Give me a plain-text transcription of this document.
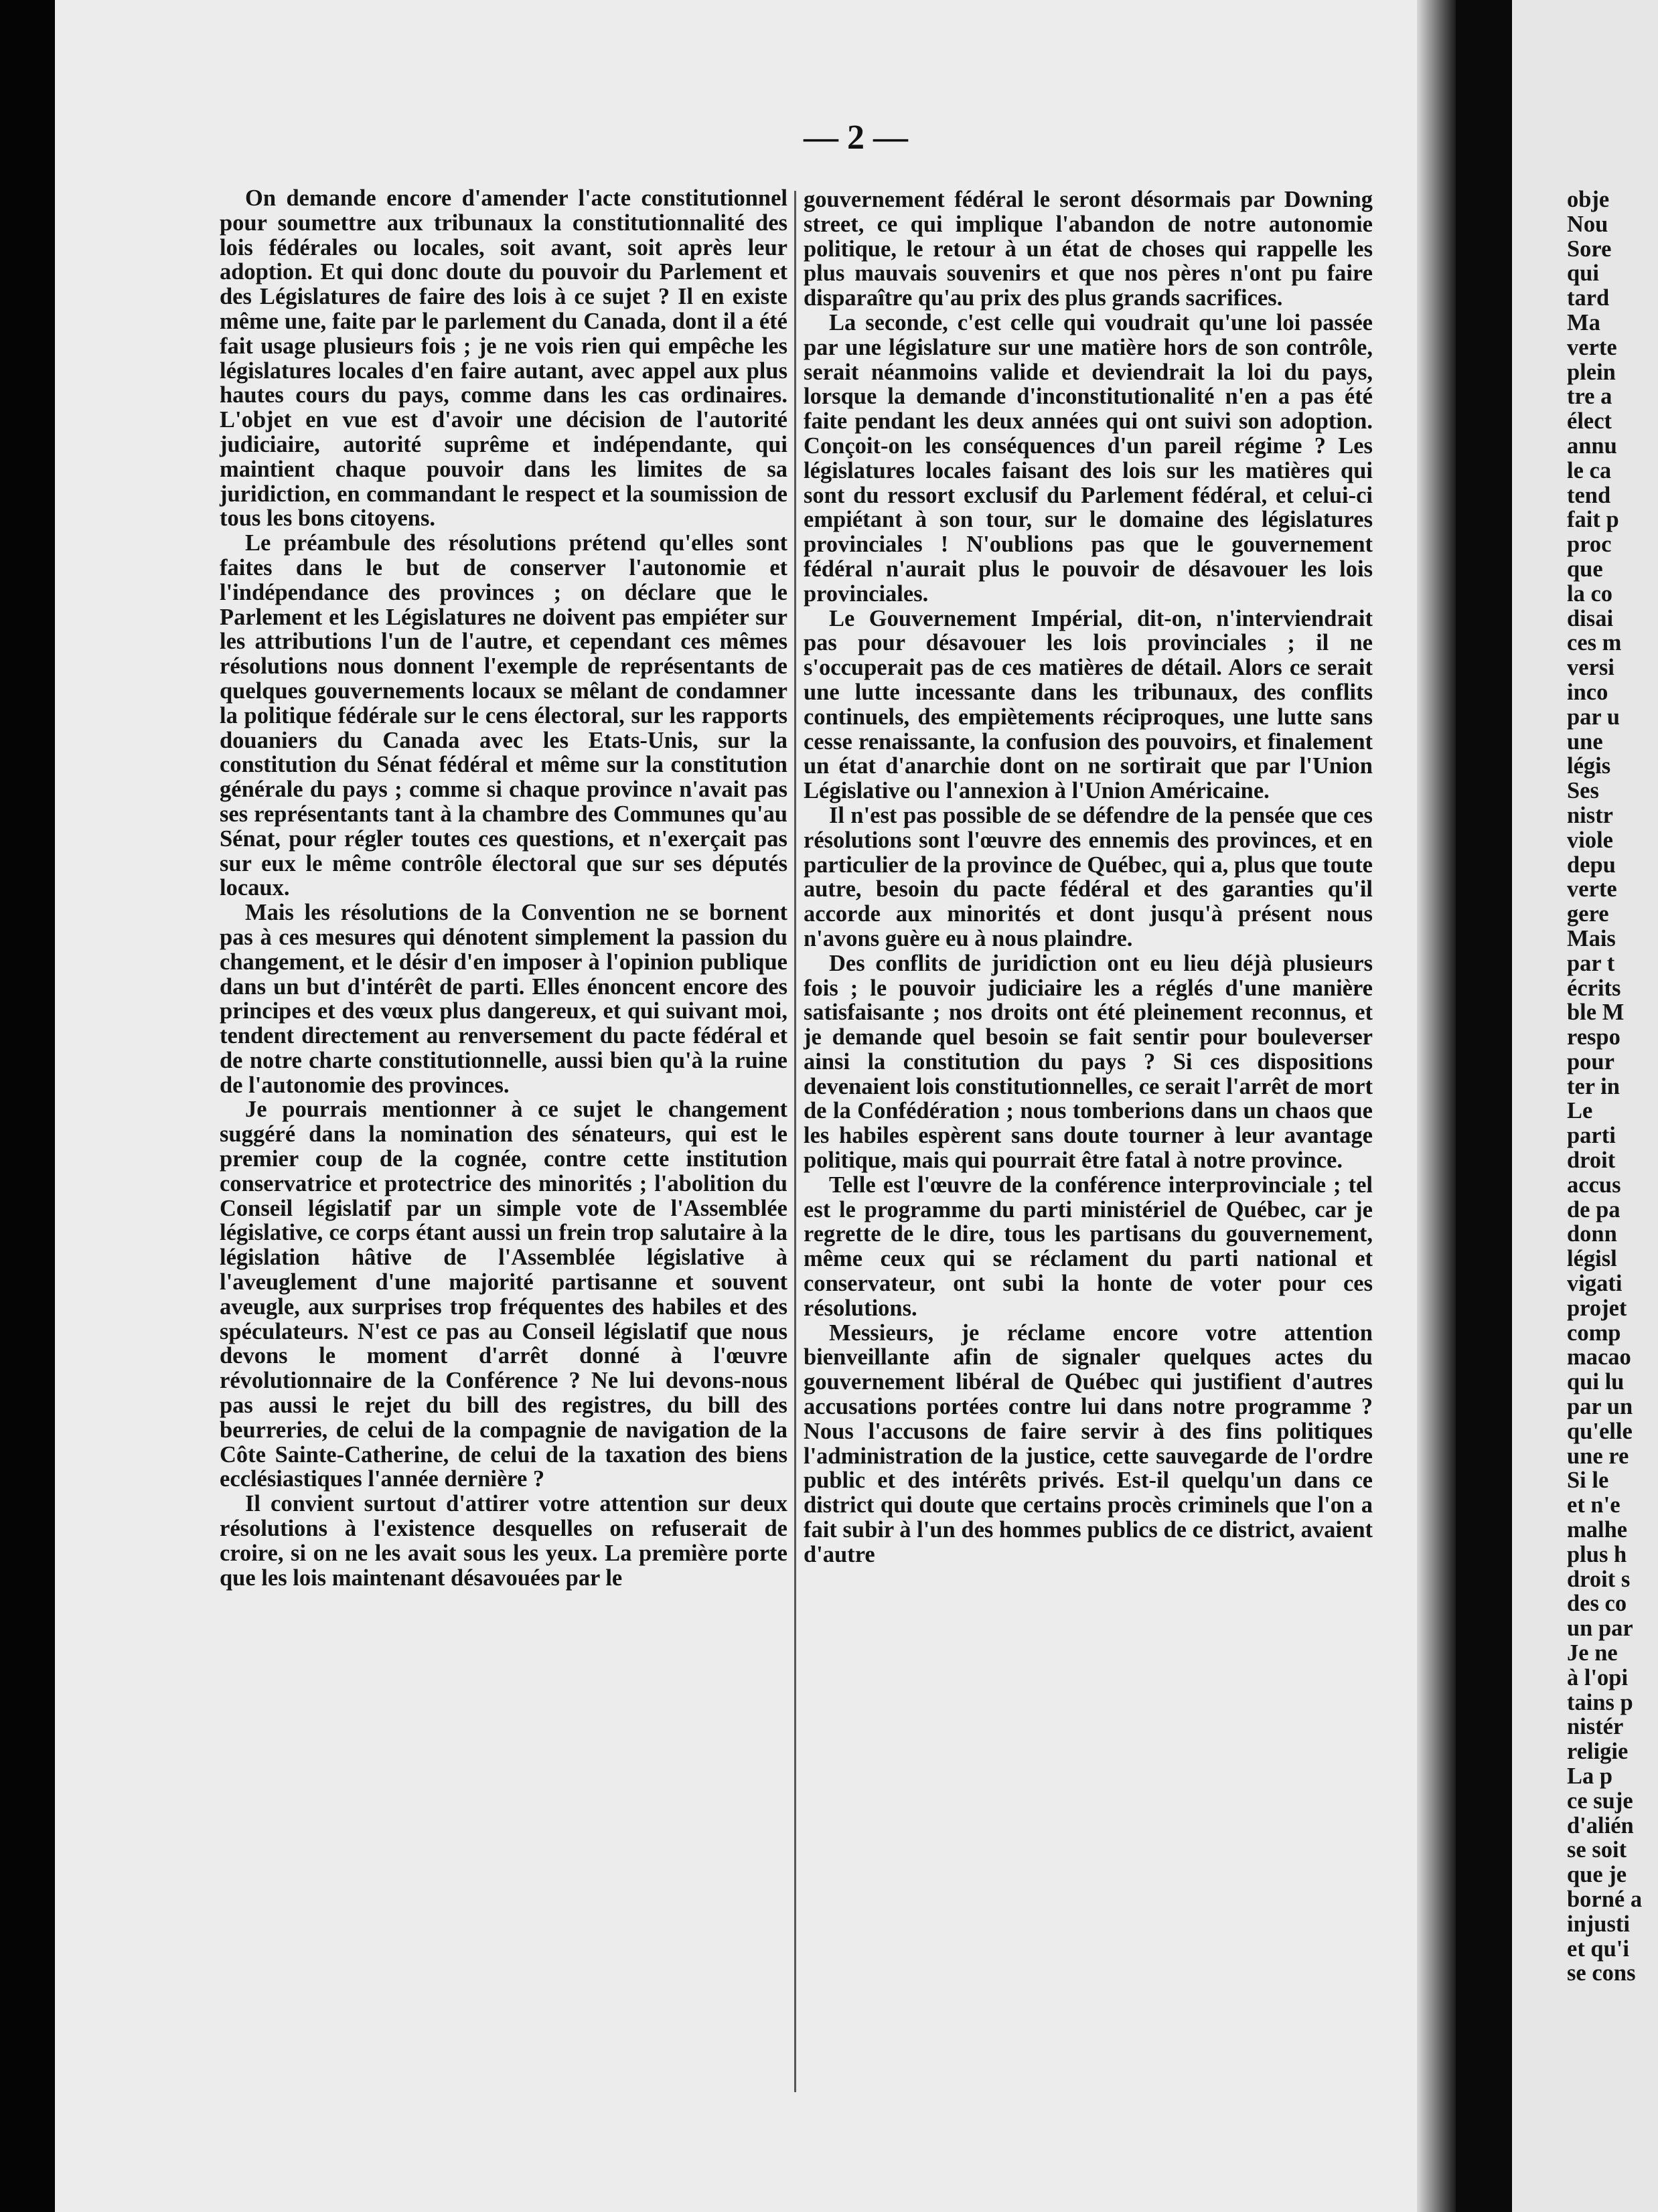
— 2 —

On demande encore d'amender l'acte constitutionnel pour soumettre aux tribunaux la constitutionnalité des lois fédérales ou locales, soit avant, soit après leur adoption. Et qui donc doute du pouvoir du Parlement et des Législatures de faire des lois à ce sujet ? Il en existe même une, faite par le parlement du Canada, dont il a été fait usage plusieurs fois ; je ne vois rien qui empêche les législatures locales d'en faire autant, avec appel aux plus hautes cours du pays, comme dans les cas ordinaires. L'objet en vue est d'avoir une décision de l'autorité judiciaire, autorité suprême et indépendante, qui maintient chaque pouvoir dans les limites de sa juridiction, en commandant le respect et la soumission de tous les bons citoyens.

Le préambule des résolutions prétend qu'elles sont faites dans le but de conserver l'autonomie et l'indépendance des provinces ; on déclare que le Parlement et les Législatures ne doivent pas empiéter sur les attributions l'un de l'autre, et cependant ces mêmes résolutions nous donnent l'exemple de représentants de quelques gouvernements locaux se mêlant de condamner la politique fédérale sur le cens électoral, sur les rapports douaniers du Canada avec les Etats-Unis, sur la constitution du Sénat fédéral et même sur la constitution générale du pays ; comme si chaque province n'avait pas ses représentants tant à la chambre des Communes qu'au Sénat, pour régler toutes ces questions, et n'exerçait pas sur eux le même contrôle électoral que sur ses députés locaux.

Mais les résolutions de la Convention ne se bornent pas à ces mesures qui dénotent simplement la passion du changement, et le désir d'en imposer à l'opinion publique dans un but d'intérêt de parti. Elles énoncent encore des principes et des vœux plus dangereux, et qui suivant moi, tendent directement au renversement du pacte fédéral et de notre charte constitutionnelle, aussi bien qu'à la ruine de l'autonomie des provinces.

Je pourrais mentionner à ce sujet le changement suggéré dans la nomination des sénateurs, qui est le premier coup de la cognée, contre cette institution conservatrice et protectrice des minorités ; l'abolition du Conseil législatif par un simple vote de l'Assemblée législative, ce corps étant aussi un frein trop salutaire à la législation hâtive de l'Assemblée législative à l'aveuglement d'une majorité partisanne et souvent aveugle, aux surprises trop fréquentes des habiles et des spéculateurs. N'est ce pas au Conseil législatif que nous devons le moment d'arrêt donné à l'œuvre révolutionnaire de la Conférence ? Ne lui devons-nous pas aussi le rejet du bill des registres, du bill des beurreries, de celui de la compagnie de navigation de la Côte Sainte-Catherine, de celui de la taxation des biens ecclésiastiques l'année dernière ?

Il convient surtout d'attirer votre attention sur deux résolutions à l'existence desquelles on refuserait de croire, si on ne les avait sous les yeux. La première porte que les lois maintenant désavouées par le

gouvernement fédéral le seront désormais par Downing street, ce qui implique l'abandon de notre autonomie politique, le retour à un état de choses qui rappelle les plus mauvais souvenirs et que nos pères n'ont pu faire disparaître qu'au prix des plus grands sacrifices.

La seconde, c'est celle qui voudrait qu'une loi passée par une législature sur une matière hors de son contrôle, serait néanmoins valide et deviendrait la loi du pays, lorsque la demande d'inconstitutionalité n'en a pas été faite pendant les deux années qui ont suivi son adoption. Conçoit-on les conséquences d'un pareil régime ? Les législatures locales faisant des lois sur les matières qui sont du ressort exclusif du Parlement fédéral, et celui-ci empiétant à son tour, sur le domaine des législatures provinciales ! N'oublions pas que le gouvernement fédéral n'aurait plus le pouvoir de désavouer les lois provinciales.

Le Gouvernement Impérial, dit-on, n'interviendrait pas pour désavouer les lois provinciales ; il ne s'occuperait pas de ces matières de détail. Alors ce serait une lutte incessante dans les tribunaux, des conflits continuels, des empiètements réciproques, une lutte sans cesse renaissante, la confusion des pouvoirs, et finalement un état d'anarchie dont on ne sortirait que par l'Union Législative ou l'annexion à l'Union Américaine.

Il n'est pas possible de se défendre de la pensée que ces résolutions sont l'œuvre des ennemis des provinces, et en particulier de la province de Québec, qui a, plus que toute autre, besoin du pacte fédéral et des garanties qu'il accorde aux minorités et dont jusqu'à présent nous n'avons guère eu à nous plaindre.

Des conflits de juridiction ont eu lieu déjà plusieurs fois ; le pouvoir judiciaire les a réglés d'une manière satisfaisante ; nos droits ont été pleinement reconnus, et je demande quel besoin se fait sentir pour bouleverser ainsi la constitution du pays ? Si ces dispositions devenaient lois constitutionnelles, ce serait l'arrêt de mort de la Confédération ; nous tomberions dans un chaos que les habiles espèrent sans doute tourner à leur avantage politique, mais qui pourrait être fatal à notre province.

Telle est l'œuvre de la conférence interprovinciale ; tel est le programme du parti ministériel de Québec, car je regrette de le dire, tous les partisans du gouvernement, même ceux qui se réclament du parti national et conservateur, ont subi la honte de voter pour ces résolutions.

Messieurs, je réclame encore votre attention bienveillante afin de signaler quelques actes du gouvernement libéral de Québec qui justifient d'autres accusations portées contre lui dans notre programme ? Nous l'accusons de faire servir à des fins politiques l'administration de la justice, cette sauvegarde de l'ordre public et des intérêts privés. Est-il quelqu'un dans ce district qui doute que certains procès criminels que l'on a fait subir à l'un des hommes publics de ce district, avaient d'autre

obje
Nou
Sore
qui
tard
Ma
verte
plein
tre a
élect
annu
le ca
tend
fait p
proc
que
la co
disai
ces m
versi
inco
par u
une
légis
Ses
nistr
viole
depu
verte
gere
Mais
par t
écrits
ble M
respo
pour
ter in
Le
parti
droit
accus
de pa
donn
législ
vigati
projet
comp
macao
qui lu
par un
qu'elle
une re
Si le
et n'e
malhe
plus h
droit s
des co
un par
Je ne
à l'opi
tains p
nistér
religie
La p
ce suje
d'alién
se soit
que je
borné a
injusti
et qu'i
se cons
